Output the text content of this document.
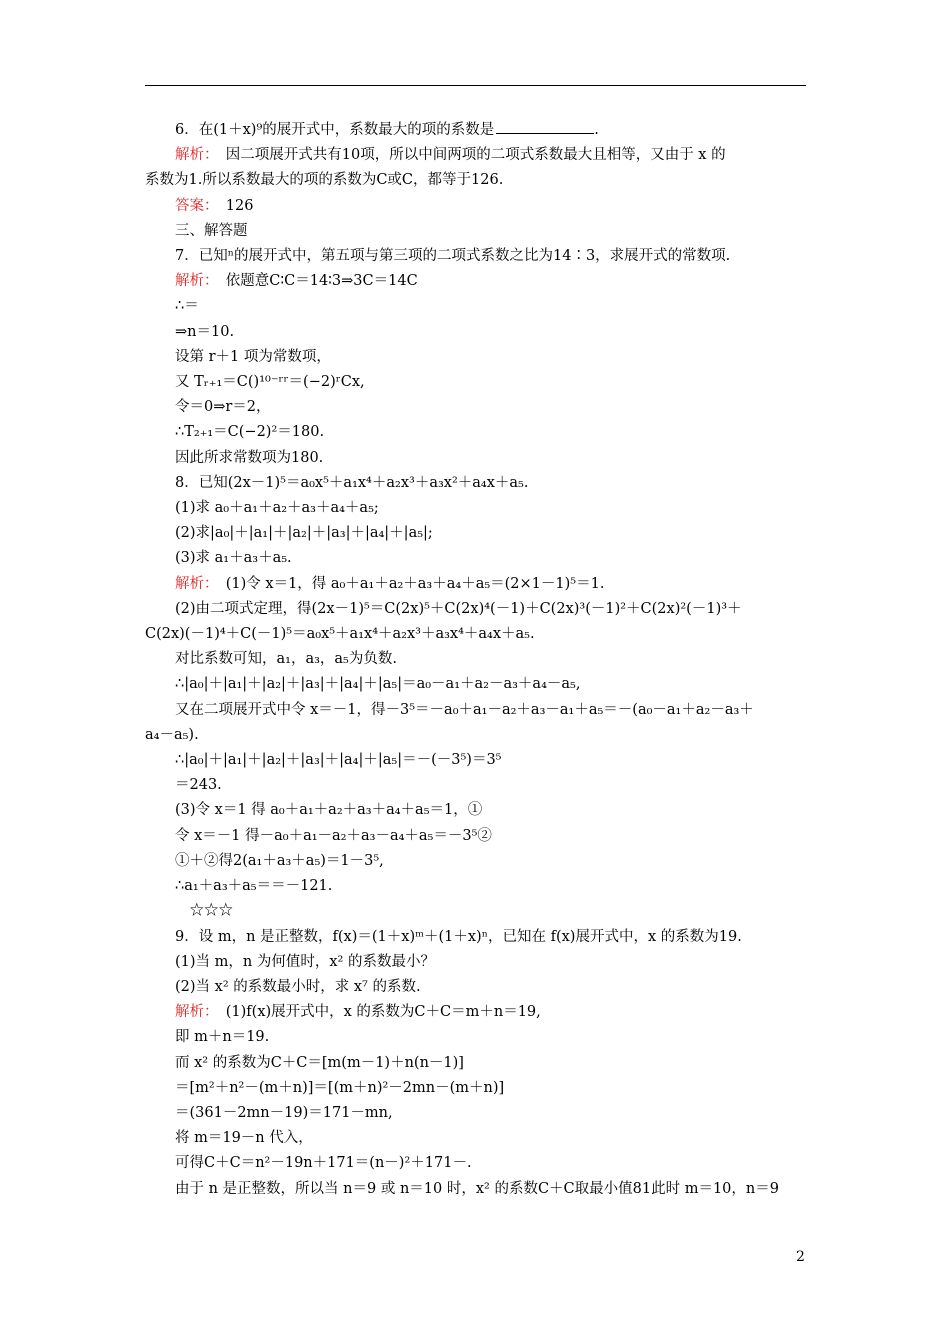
6．在(1＋x)⁹的展开式中，系数最大的项的系数是	.
解析：　因二项展开式共有10项，所以中间两项的二项式系数最大且相等，又由于 x 的
系数为1.所以系数最大的项的系数为C或C，都等于126.
答案：　126
三、解答题
7．已知ⁿ的展开式中，第五项与第三项的二项式系数之比为14∶3，求展开式的常数项.
解析：　依题意C∶C＝14∶3⇒3C＝14C
∴＝
⇒n＝10.
设第 r＋1 项为常数项，
又 Tᵣ₊₁＝C()¹⁰⁻ʳʳ＝(−2)ʳCx,
令＝0⇒r＝2，
∴T₂₊₁＝C(−2)²＝180.
因此所求常数项为180.
8．已知(2x－1)⁵＝a₀x⁵＋a₁x⁴＋a₂x³＋a₃x²＋a₄x＋a₅.
(1)求 a₀＋a₁＋a₂＋a₃＋a₄＋a₅;
(2)求|a₀|＋|a₁|＋|a₂|＋|a₃|＋|a₄|＋|a₅|;
(3)求 a₁＋a₃＋a₅.
解析：　(1)令 x＝1，得 a₀＋a₁＋a₂＋a₃＋a₄＋a₅＝(2×1－1)⁵＝1.
(2)由二项式定理，得(2x－1)⁵＝C(2x)⁵＋C(2x)⁴(－1)＋C(2x)³(－1)²＋C(2x)²(－1)³＋
C(2x)(－1)⁴＋C(－1)⁵＝a₀x⁵＋a₁x⁴＋a₂x³＋a₃x⁴＋a₄x＋a₅.
对比系数可知，a₁，a₃，a₅为负数.
∴|a₀|＋|a₁|＋|a₂|＋|a₃|＋|a₄|＋|a₅|＝a₀－a₁＋a₂－a₃＋a₄－a₅,
又在二项展开式中令 x＝－1，得－3⁵＝－a₀＋a₁－a₂＋a₃－a₁＋a₅＝－(a₀－a₁＋a₂－a₃＋
a₄－a₅).
∴|a₀|＋|a₁|＋|a₂|＋|a₃|＋|a₄|＋|a₅|＝－(－3⁵)＝3⁵
＝243.
(3)令 x＝1 得 a₀＋a₁＋a₂＋a₃＋a₄＋a₅＝1，①
令 x＝－1 得－a₀＋a₁－a₂＋a₃－a₄＋a₅＝－3⁵②
①＋②得2(a₁＋a₃＋a₅)＝1－3⁵,
∴a₁＋a₃＋a₅＝＝－121.
　☆☆☆
9．设 m，n 是正整数，f(x)＝(1＋x)ᵐ＋(1＋x)ⁿ，已知在 f(x)展开式中，x 的系数为19.
(1)当 m，n 为何值时，x² 的系数最小？
(2)当 x² 的系数最小时，求 x⁷ 的系数.
解析：　(1)f(x)展开式中，x 的系数为C＋C＝m＋n＝19,
即 m＋n＝19.
而 x² 的系数为C＋C＝[m(m－1)＋n(n－1)]
＝[m²＋n²－(m＋n)]＝[(m＋n)²－2mn－(m＋n)]
＝(361－2mn－19)＝171－mn,
将 m＝19－n 代入，
可得C＋C＝n²－19n＋171＝(n－)²＋171－.
由于 n 是正整数，所以当 n＝9 或 n＝10 时，x² 的系数C＋C取最小值81此时 m＝10，n＝9
2
